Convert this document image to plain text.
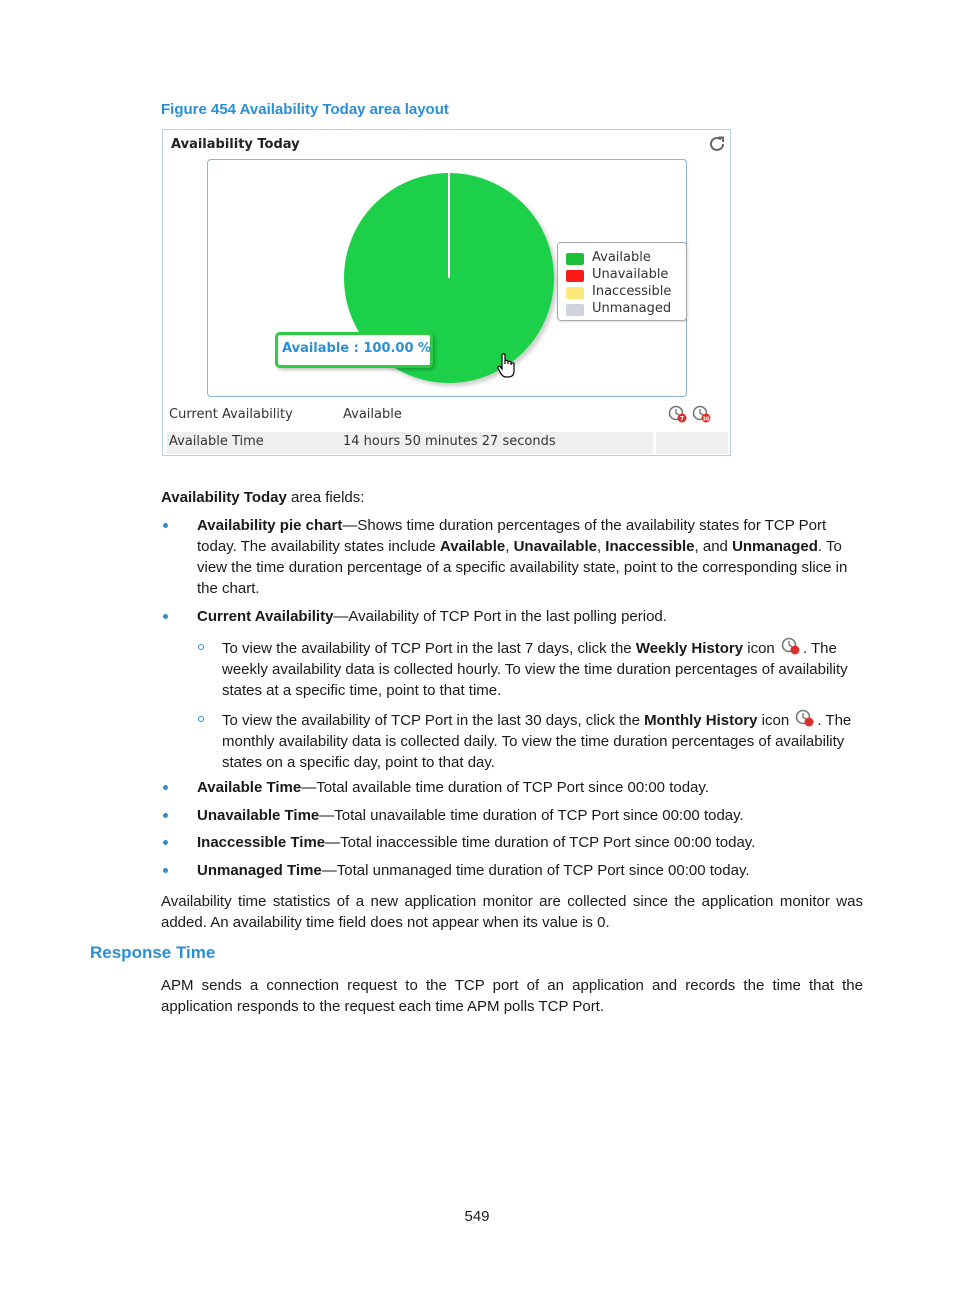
Figure 454 Availability Today area layout
Availability Today
Available
Unavailable
Inaccessible
Unmanaged
Available : 100.00 %
Current Availability	Available	7	30
Available Time	14 hours 50 minutes 27 seconds
Availability Today area fields:
Availability pie chart—Shows time duration percentages of the availability states for TCP Port today. The availability states include Available, Unavailable, Inaccessible, and Unmanaged. To view the time duration percentage of a specific availability state, point to the corresponding slice in the chart.
Current Availability—Availability of TCP Port in the last polling period.
To view the availability of TCP Port in the last 7 days, click the Weekly History icon . The weekly availability data is collected hourly. To view the time duration percentages of availability states at a specific time, point to that time.
To view the availability of TCP Port in the last 30 days, click the Monthly History icon . The monthly availability data is collected daily. To view the time duration percentages of availability states on a specific day, point to that day.
Available Time—Total available time duration of TCP Port since 00:00 today.
Unavailable Time—Total unavailable time duration of TCP Port since 00:00 today.
Inaccessible Time—Total inaccessible time duration of TCP Port since 00:00 today.
Unmanaged Time—Total unmanaged time duration of TCP Port since 00:00 today.
Availability time statistics of a new application monitor are collected since the application monitor was added. An availability time field does not appear when its value is 0.
Response Time
APM sends a connection request to the TCP port of an application and records the time that the application responds to the request each time APM polls TCP Port.
549
